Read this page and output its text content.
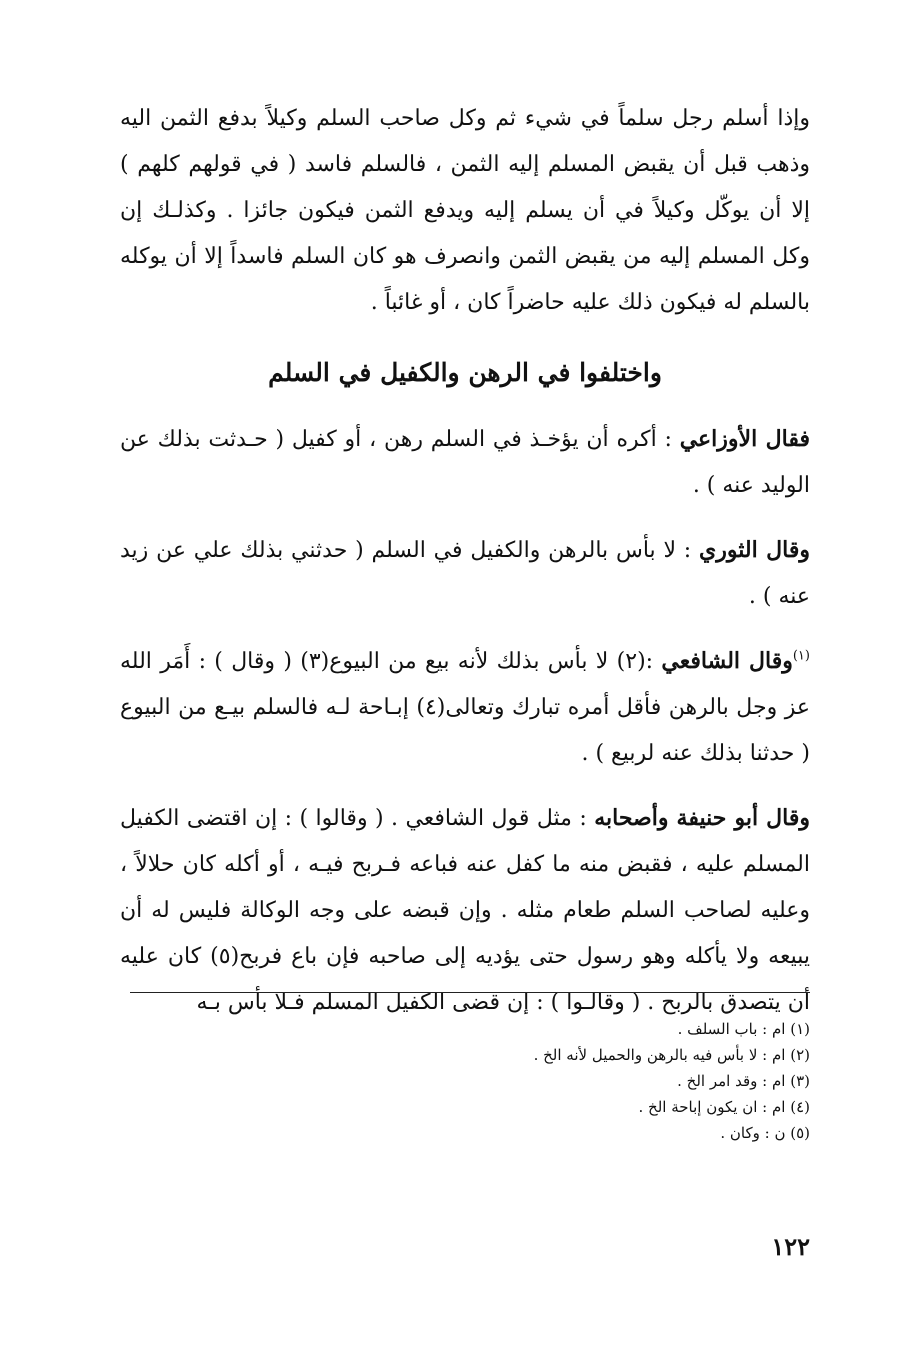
وإذا أسلم رجل سلماً في شيء ثم وكل صاحب السلم وكيلاً بدفع الثمن اليه وذهب قبل أن يقبض المسلم إليه الثمن ، فالسلم فاسد ( في قولهم كلهم ) إلا أن يوكّل وكيلاً في أن يسلم إليه ويدفع الثمن فيكون جائزا . وكذلـك إن وكل المسلم إليه من يقبض الثمن وانصرف هو كان السلم فاسداً إلا أن يوكله بالسلم له فيكون ذلك عليه حاضراً كان ، أو غائباً .

واختلفوا في الرهن والكفيل في السلم

فقال الأوزاعي : أكره أن يؤخـذ في السلم رهن ، أو كفيل ( حـدثت بذلك عن الوليد عنه ) .

وقال الثوري : لا بأس بالرهن والكفيل في السلم ( حدثني بذلك علي عن زيد عنه ) .

$^{(١)}$وقال الشافعي :(٢) لا بأس بذلك لأنه بيع من البيوع(٣) ( وقال ) : أَمَر الله عز وجل بالرهن فأقل أمره تبارك وتعالى(٤) إبـاحة لـه فالسلم بيـع من البيوع ( حدثنا بذلك عنه لربيع ) .

وقال أبو حنيفة وأصحابه : مثل قول الشافعي . ( وقالوا ) : إن اقتضى الكفيل المسلم عليه ، فقبض منه ما كفل عنه فباعه فـربح فيـه ، أو أكله كان حلالاً ، وعليه لصاحب السلم طعام مثله . وإن قبضه على وجه الوكالة فليس له أن يبيعه ولا يأكله وهو رسول حتى يؤديه إلى صاحبه فإن باع فربح(٥) كان عليه أن يتصدق بالربح . ( وقالـوا ) : إن قضى الكفيل المسلم فـلا بأس بـه

(١) ام : باب السلف .
(٢) ام : لا بأس فيه بالرهن والحميل لأنه الخ .
(٣) ام : وقد امر الخ .
(٤) ام : ان يكون إباحة الخ .
(٥) ن : وكان .
١٢٢
